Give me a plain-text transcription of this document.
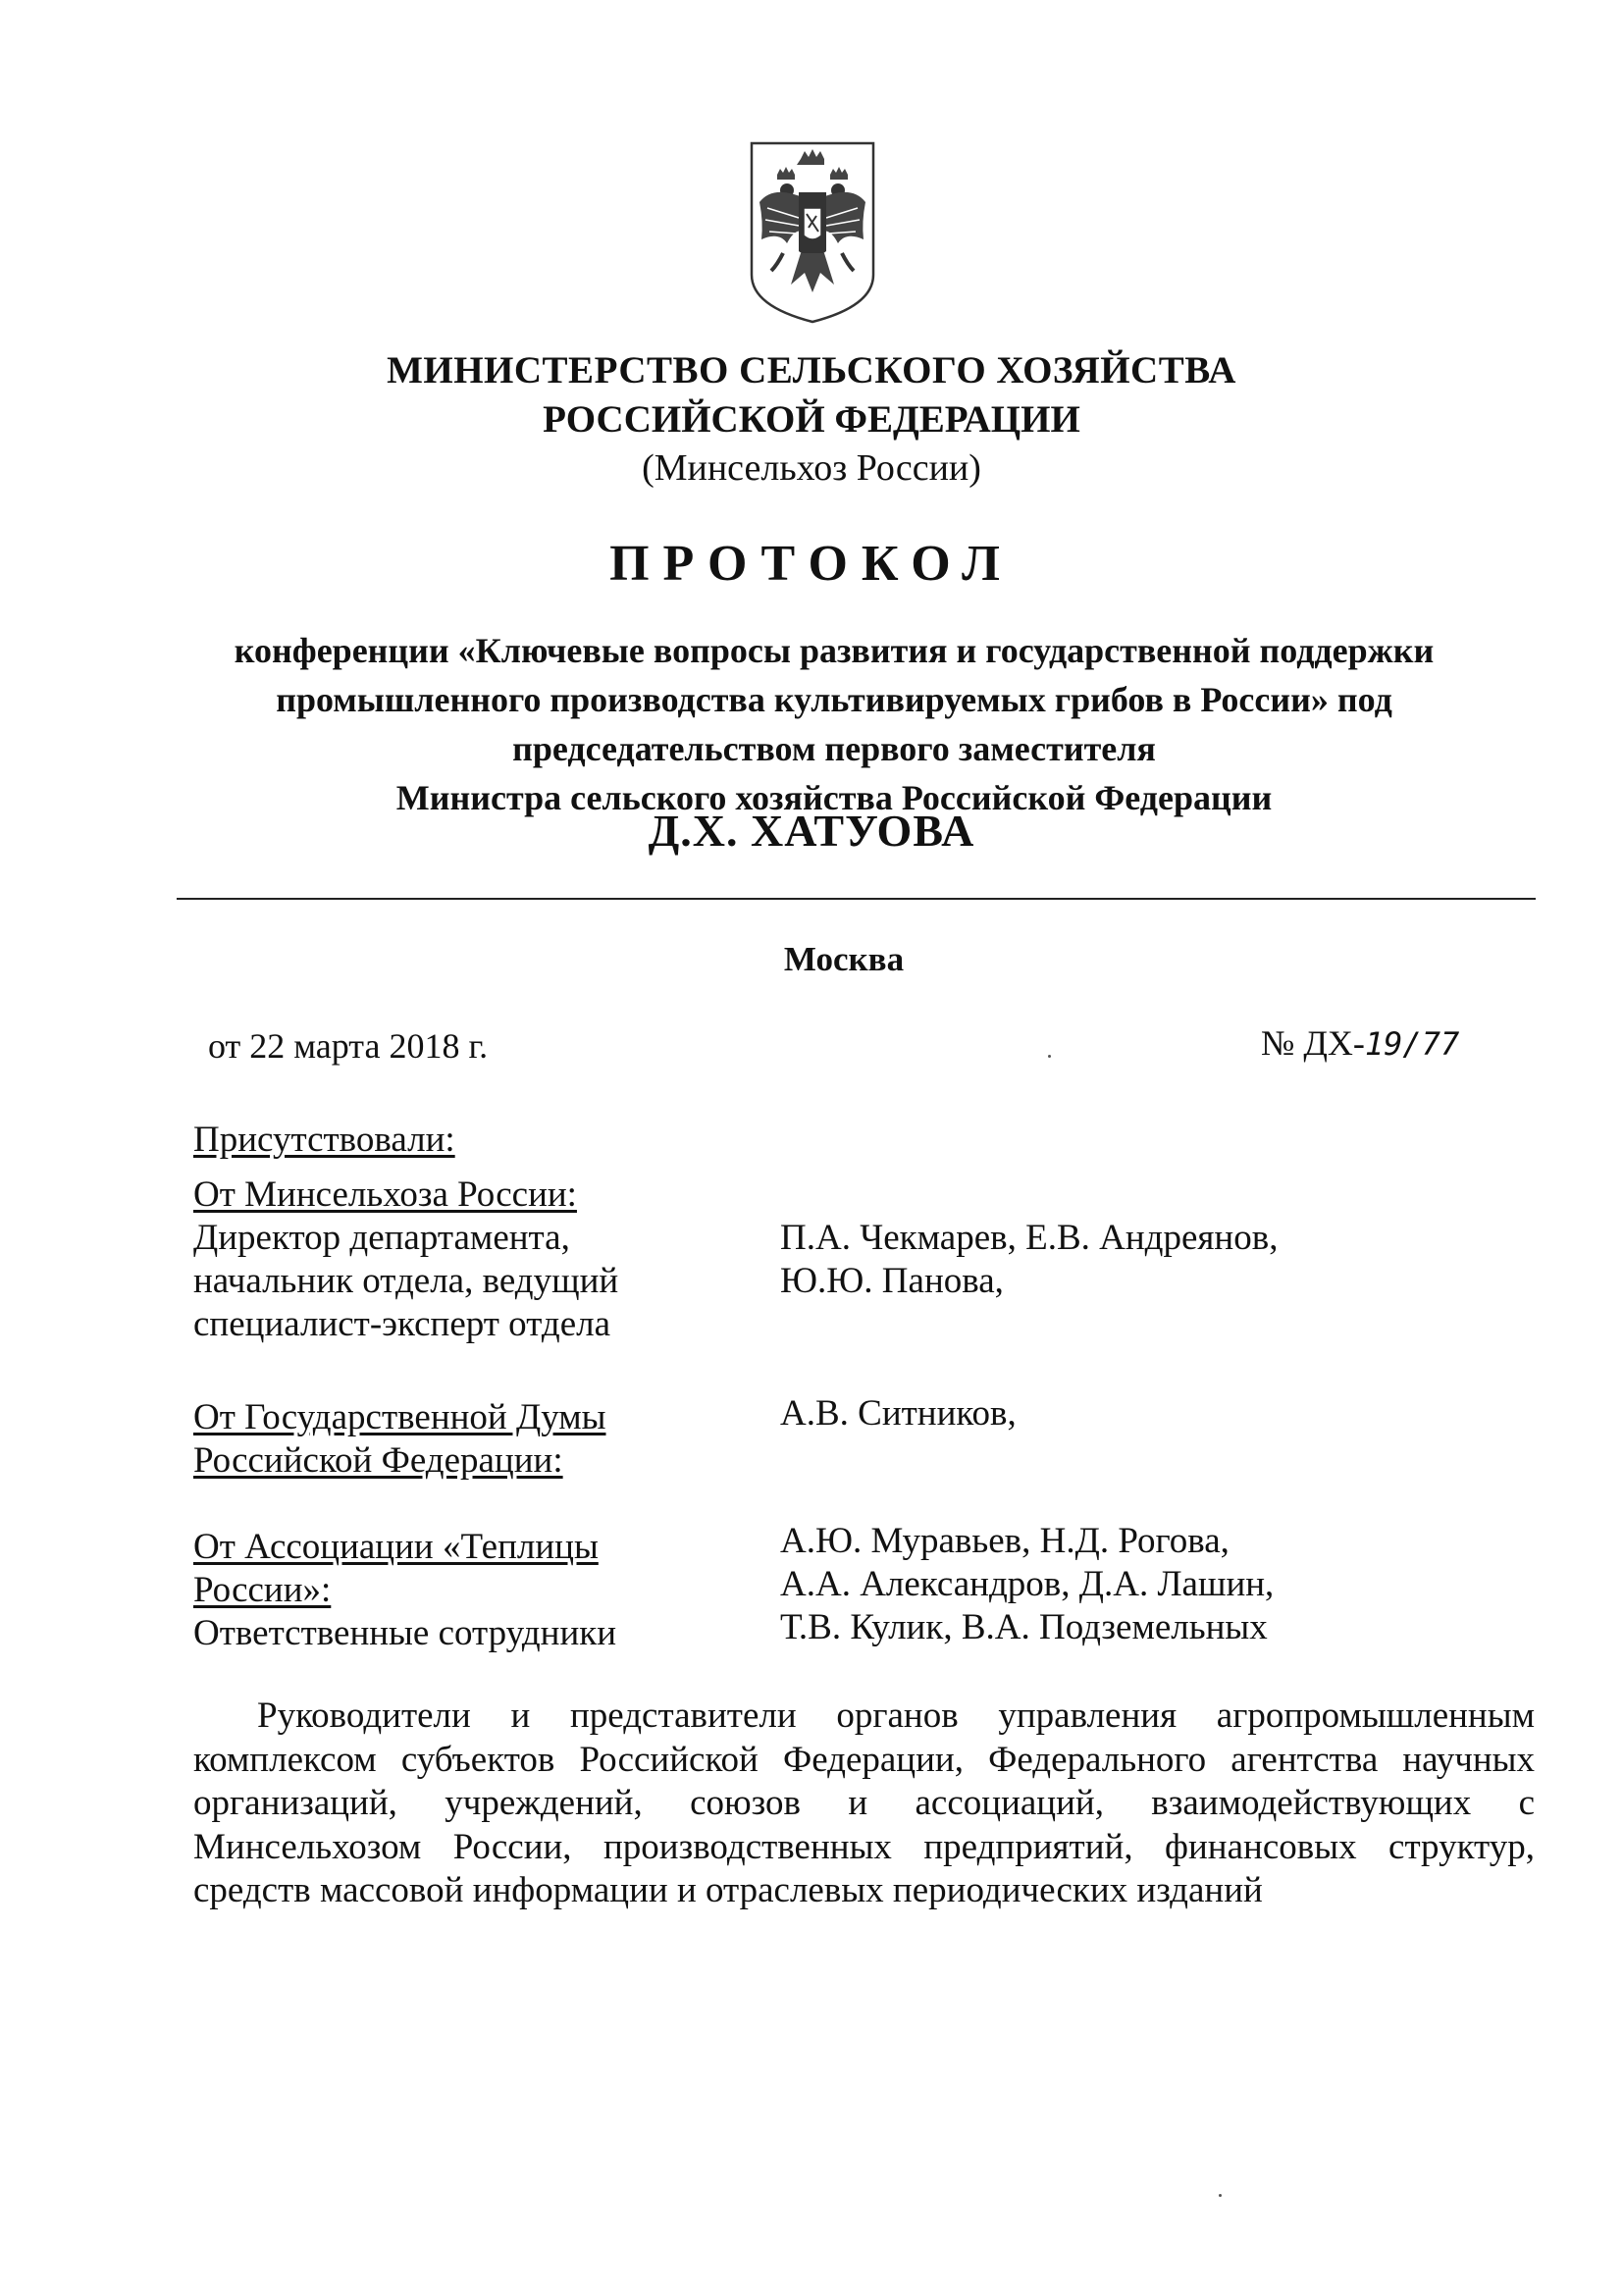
МИНИСТЕРСТВО СЕЛЬСКОГО ХОЗЯЙСТВА
РОССИЙСКОЙ ФЕДЕРАЦИИ
(Минсельхоз России)
ПРОТОКОЛ
конференции «Ключевые вопросы развития и государственной поддержки
промышленного производства культивируемых грибов в России» под
председательством первого заместителя
Министра сельского хозяйства Российской Федерации
Д.Х. ХАТУОВА
Москва
от 22 марта 2018 г.	№ ДХ-19/77
Присутствовали:
От Минсельхоза России:
Директор департамента,
начальник отдела, ведущий
специалист-эксперт отдела
П.А. Чекмарев, Е.В. Андреянов,
Ю.Ю. Панова,
От Государственной Думы
Российской Федерации:
А.В. Ситников,
От Ассоциации «Теплицы
России»:
Ответственные сотрудники
А.Ю. Муравьев, Н.Д. Рогова,
А.А. Александров, Д.А. Лашин,
Т.В. Кулик, В.А. Подземельных
Руководители и представители органов управления агропромышленным комплексом субъектов Российской Федерации, Федерального агентства научных организаций, учреждений, союзов и ассоциаций, взаимодействующих с Минсельхозом России, производственных предприятий, финансовых структур, средств массовой информации и отраслевых периодических изданий
